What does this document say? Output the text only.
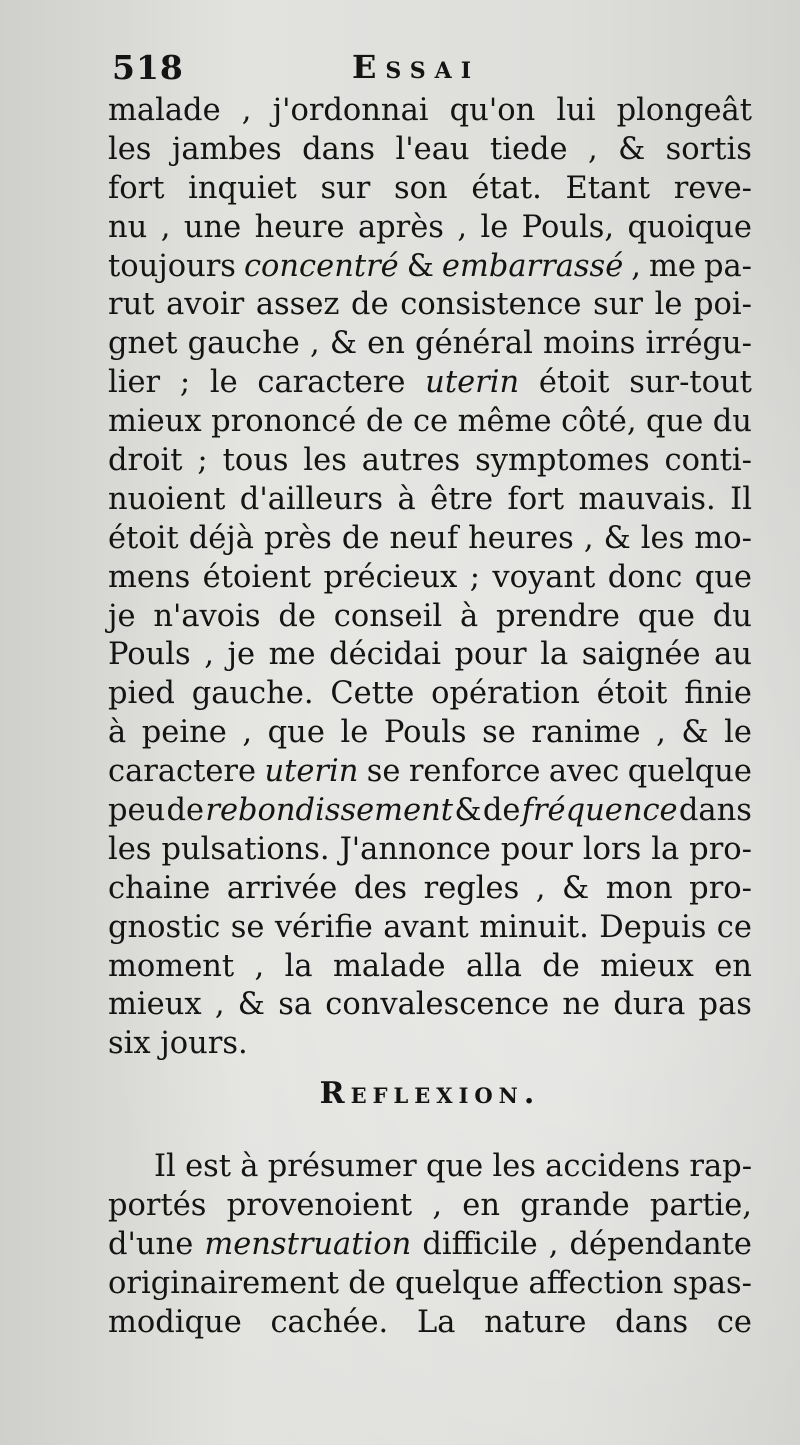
518	Essai
malade , j'ordonnai qu'on lui plongeât
les jambes dans l'eau tiede , & sortis
fort inquiet sur son état. Etant reve-
nu , une heure après , le Pouls, quoique
toujours concentré & embarrassé , me pa-
rut avoir assez de consistence sur le poi-
gnet gauche , & en général moins irrégu-
lier ; le caractere uterin étoit sur-tout
mieux prononcé de ce même côté, que du
droit ; tous les autres symptomes conti-
nuoient d'ailleurs à être fort mauvais. Il
étoit déjà près de neuf heures , & les mo-
mens étoient précieux ; voyant donc que
je n'avois de conseil à prendre que du
Pouls , je me décidai pour la saignée au
pied gauche. Cette opération étoit finie
à peine , que le Pouls se ranime , & le
caractere uterin se renforce avec quelque
peu de rebondissement & de fréquence dans
les pulsations. J'annonce pour lors la pro-
chaine arrivée des regles , & mon pro-
gnostic se vérifie avant minuit. Depuis ce
moment , la malade alla de mieux en
mieux , & sa convalescence ne dura pas
six jours.
Reflexion.
Il est à présumer que les accidens rap-
portés provenoient , en grande partie,
d'une menstruation difficile , dépendante
originairement de quelque affection spas-
modique cachée. La nature dans ce
